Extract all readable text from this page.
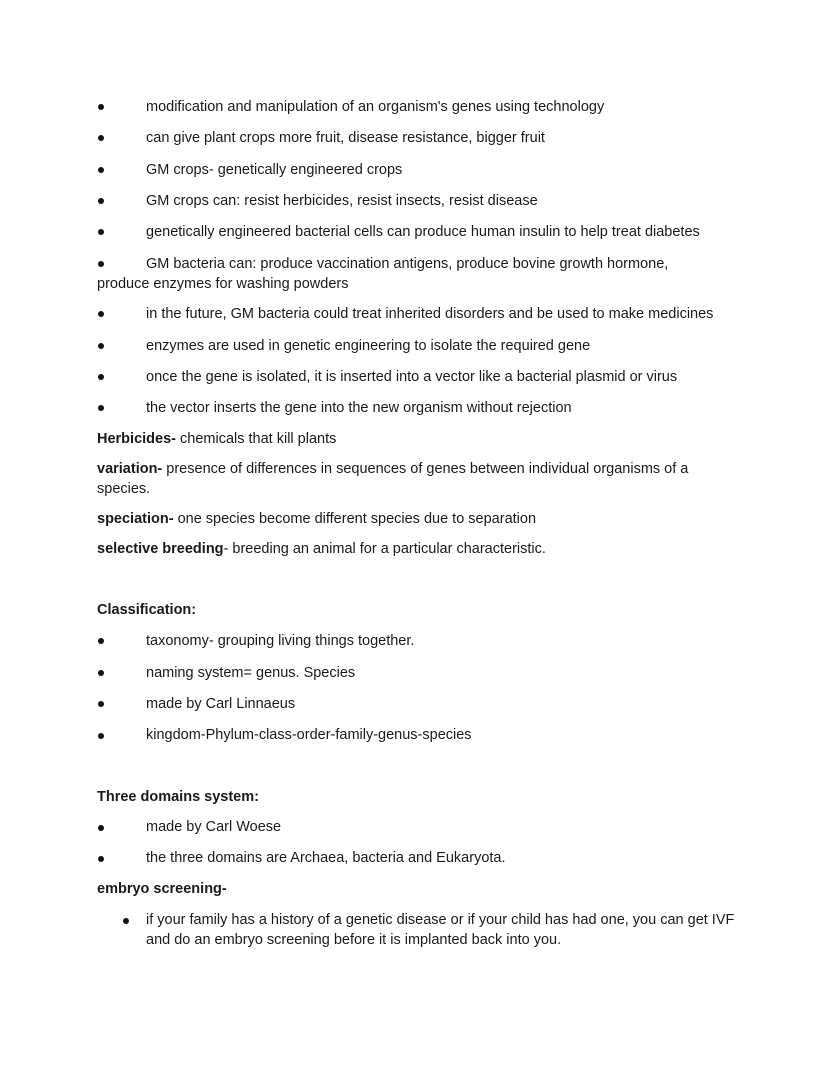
modification and manipulation of an organism's genes using technology
can give plant crops more fruit, disease resistance, bigger fruit
GM crops- genetically engineered crops
GM crops can: resist herbicides, resist insects, resist disease
genetically engineered bacterial cells can produce human insulin to help treat diabetes
GM bacteria can: produce vaccination antigens, produce bovine growth hormone,
produce enzymes for washing powders
in the future, GM bacteria could treat inherited disorders and be used to make medicines
enzymes are used in genetic engineering to isolate the required gene
once the gene is isolated, it is inserted into a vector like a bacterial plasmid or virus
the vector inserts the gene into the new organism without rejection
Herbicides- chemicals that kill plants
variation- presence of differences in sequences of genes between individual organisms of a species.
speciation- one species become different species due to separation
selective breeding- breeding an animal for a particular characteristic.
Classification:
taxonomy- grouping living things together.
naming system= genus. Species
made by Carl Linnaeus
kingdom-Phylum-class-order-family-genus-species
Three domains system:
made by Carl Woese
the three domains are Archaea, bacteria and Eukaryota.
embryo screening-
if your family has a history of a genetic disease or if your child has had one, you can get IVF and do an embryo screening before it is implanted back into you.
